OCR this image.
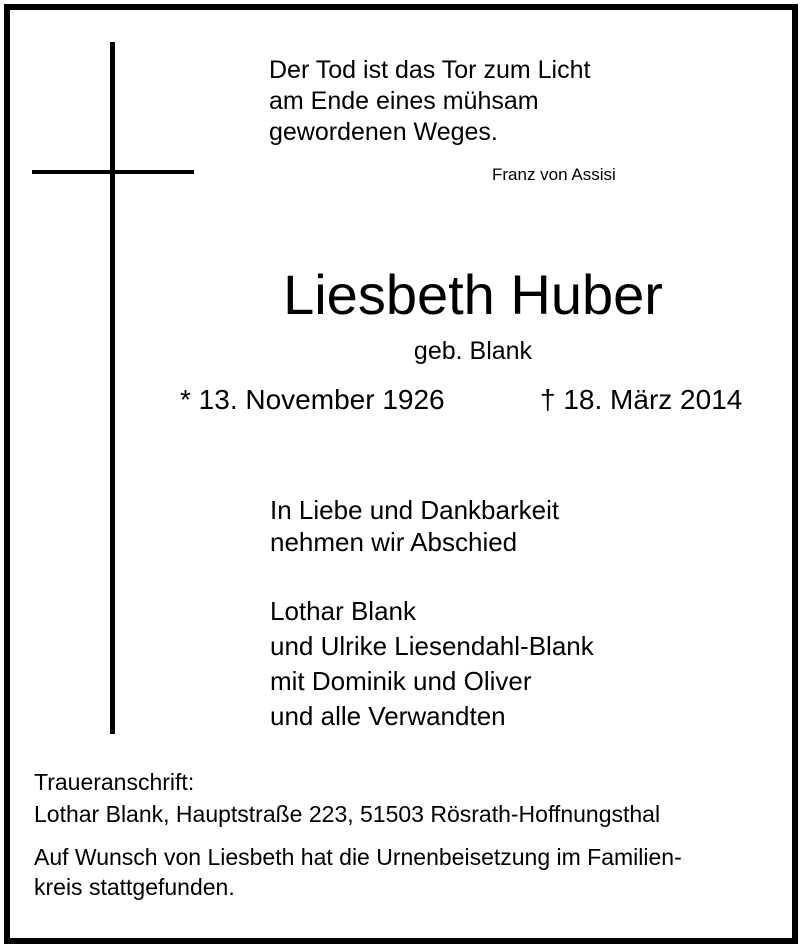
Der Tod ist das Tor zum Licht
am Ende eines mühsam
gewordenen Weges.
Franz von Assisi
Liesbeth Huber
geb. Blank
* 13. November 1926	† 18. März 2014
In Liebe und Dankbarkeit
nehmen wir Abschied
Lothar Blank
und Ulrike Liesendahl-Blank
mit Dominik und Oliver
und alle Verwandten
Traueranschrift:
Lothar Blank, Hauptstraße 223, 51503 Rösrath-Hoffnungsthal
Auf Wunsch von Liesbeth hat die Urnenbeisetzung im Familien-
kreis stattgefunden.
